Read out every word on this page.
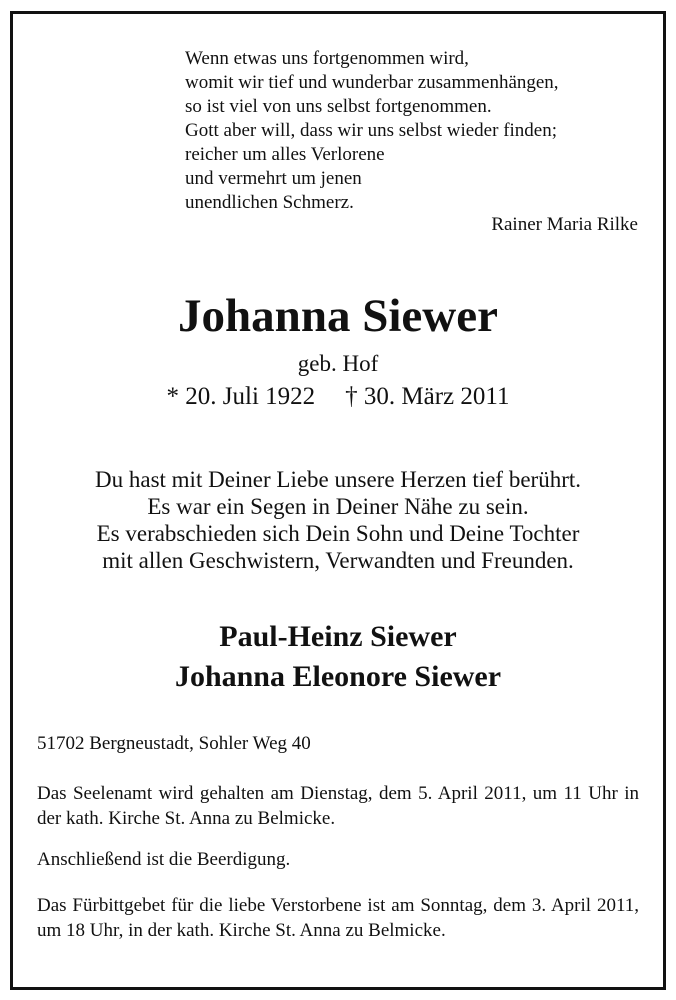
Wenn etwas uns fortgenommen wird,
womit wir tief und wunderbar zusammenhängen,
so ist viel von uns selbst fortgenommen.
Gott aber will, dass wir uns selbst wieder finden;
reicher um alles Verlorene
und vermehrt um jenen
unendlichen Schmerz.
Rainer Maria Rilke
Johanna Siewer
geb. Hof
* 20. Juli 1922 † 30. März 2011
Du hast mit Deiner Liebe unsere Herzen tief berührt.
Es war ein Segen in Deiner Nähe zu sein.
Es verabschieden sich Dein Sohn und Deine Tochter
mit allen Geschwistern, Verwandten und Freunden.
Paul-Heinz Siewer
Johanna Eleonore Siewer
51702 Bergneustadt, Sohler Weg 40
Das Seelenamt wird gehalten am Dienstag, dem 5. April 2011, um 11 Uhr in der kath. Kirche St. Anna zu Belmicke.
Anschließend ist die Beerdigung.
Das Fürbittgebet für die liebe Verstorbene ist am Sonntag, dem 3. April 2011, um 18 Uhr, in der kath. Kirche St. Anna zu Belmicke.
